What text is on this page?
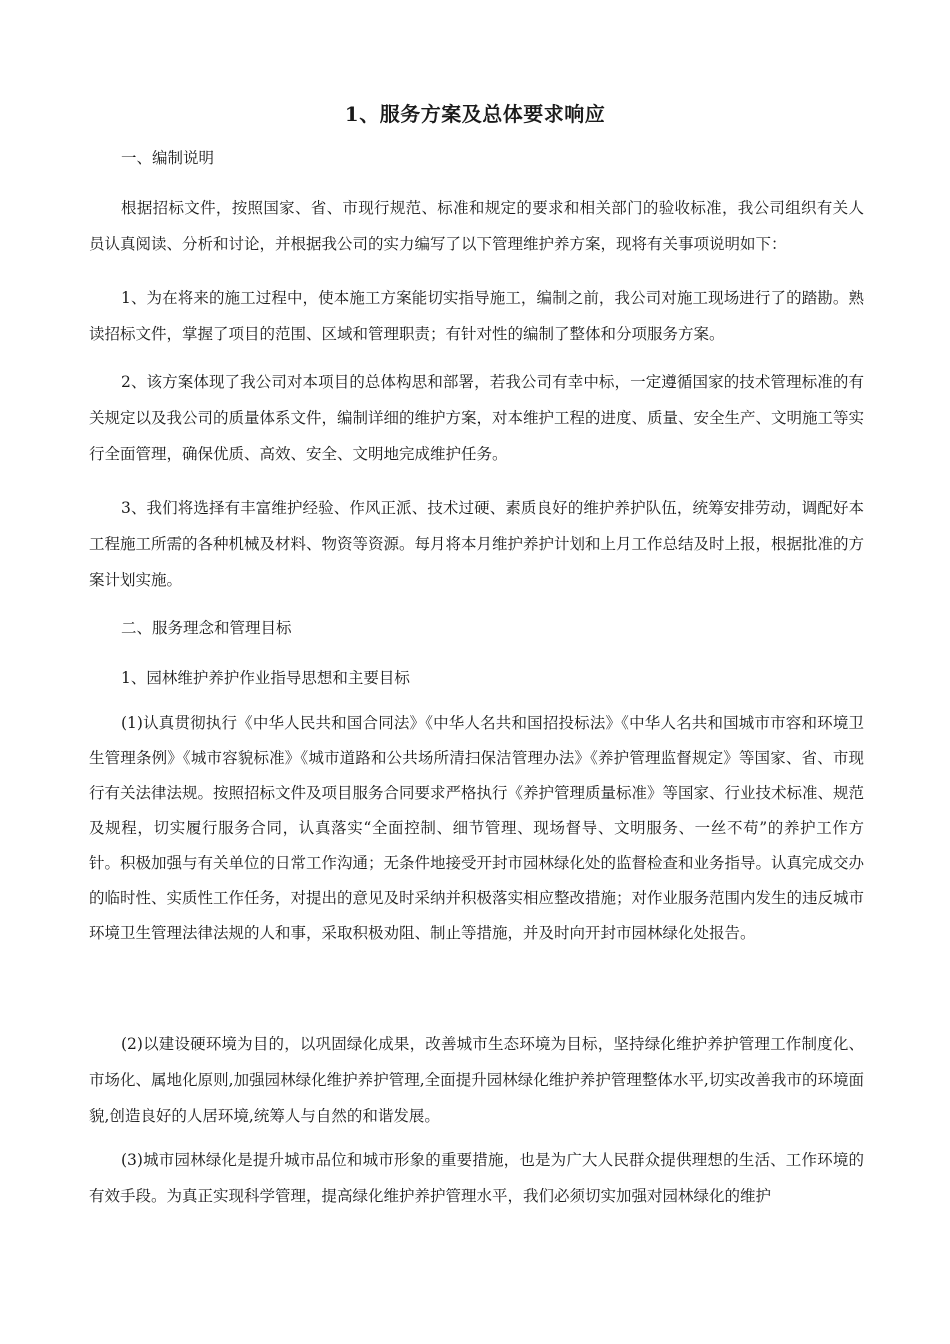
1、服务方案及总体要求响应
一、编制说明
根据招标文件，按照国家、省、市现行规范、标准和规定的要求和相关部门的验收标准，我公司组织有关人员认真阅读、分析和讨论，并根据我公司的实力编写了以下管理维护养方案，现将有关事项说明如下：
1、为在将来的施工过程中，使本施工方案能切实指导施工，编制之前，我公司对施工现场进行了的踏勘。熟读招标文件，掌握了项目的范围、区域和管理职责；有针对性的编制了整体和分项服务方案。
2、该方案体现了我公司对本项目的总体构思和部署，若我公司有幸中标，一定遵循国家的技术管理标准的有关规定以及我公司的质量体系文件，编制详细的维护方案，对本维护工程的进度、质量、安全生产、文明施工等实行全面管理，确保优质、高效、安全、文明地完成维护任务。
3、我们将选择有丰富维护经验、作风正派、技术过硬、素质良好的维护养护队伍，统筹安排劳动，调配好本工程施工所需的各种机械及材料、物资等资源。每月将本月维护养护计划和上月工作总结及时上报，根据批准的方案计划实施。
二、服务理念和管理目标
1、园林维护养护作业指导思想和主要目标
(1)认真贯彻执行《中华人民共和国合同法》《中华人名共和国招投标法》《中华人名共和国城市市容和环境卫生管理条例》《城市容貌标准》《城市道路和公共场所清扫保洁管理办法》《养护管理监督规定》等国家、省、市现行有关法律法规。按照招标文件及项目服务合同要求严格执行《养护管理质量标准》等国家、行业技术标准、规范及规程，切实履行服务合同，认真落实“全面控制、细节管理、现场督导、文明服务、一丝不苟”的养护工作方针。积极加强与有关单位的日常工作沟通；无条件地接受开封市园林绿化处的监督检查和业务指导。认真完成交办的临时性、实质性工作任务，对提出的意见及时采纳并积极落实相应整改措施；对作业服务范围内发生的违反城市环境卫生管理法律法规的人和事，采取积极劝阻、制止等措施，并及时向开封市园林绿化处报告。
(2)以建设硬环境为目的，以巩固绿化成果，改善城市生态环境为目标，坚持绿化维护养护管理工作制度化、市场化、属地化原则,加强园林绿化维护养护管理,全面提升园林绿化维护养护管理整体水平,切实改善我市的环境面貌,创造良好的人居环境,统筹人与自然的和谐发展。
(3)城市园林绿化是提升城市品位和城市形象的重要措施，也是为广大人民群众提供理想的生活、工作环境的有效手段。为真正实现科学管理，提高绿化维护养护管理水平，我们必须切实加强对园林绿化的维护
